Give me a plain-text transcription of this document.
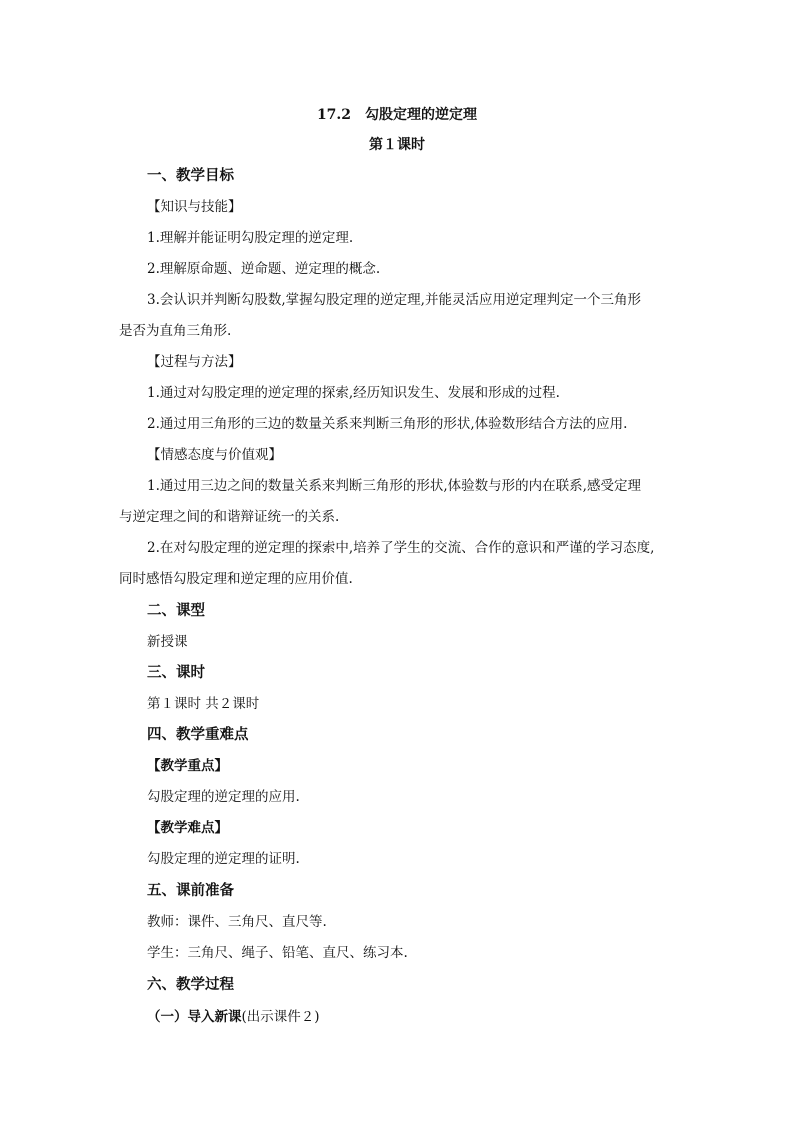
17.2　勾股定理的逆定理
第１课时
一、教学目标
【知识与技能】
1.理解并能证明勾股定理的逆定理.
2.理解原命题、逆命题、逆定理的概念.
3.会认识并判断勾股数,掌握勾股定理的逆定理,并能灵活应用逆定理判定一个三角形
是否为直角三角形.
【过程与方法】
1.通过对勾股定理的逆定理的探索,经历知识发生、发展和形成的过程.
2.通过用三角形的三边的数量关系来判断三角形的形状,体验数形结合方法的应用.
【情感态度与价值观】
1.通过用三边之间的数量关系来判断三角形的形状,体验数与形的内在联系,感受定理
与逆定理之间的和谐辩证统一的关系.
2.在对勾股定理的逆定理的探索中,培养了学生的交流、合作的意识和严谨的学习态度,
同时感悟勾股定理和逆定理的应用价值.
二、课型
新授课
三、课时
第１课时 共２课时
四、教学重难点
【教学重点】
勾股定理的逆定理的应用.
【教学难点】
勾股定理的逆定理的证明.
五、课前准备
教师：课件、三角尺、直尺等.
学生：三角尺、绳子、铅笔、直尺、练习本.
六、教学过程
（一）导入新课(出示课件２)
